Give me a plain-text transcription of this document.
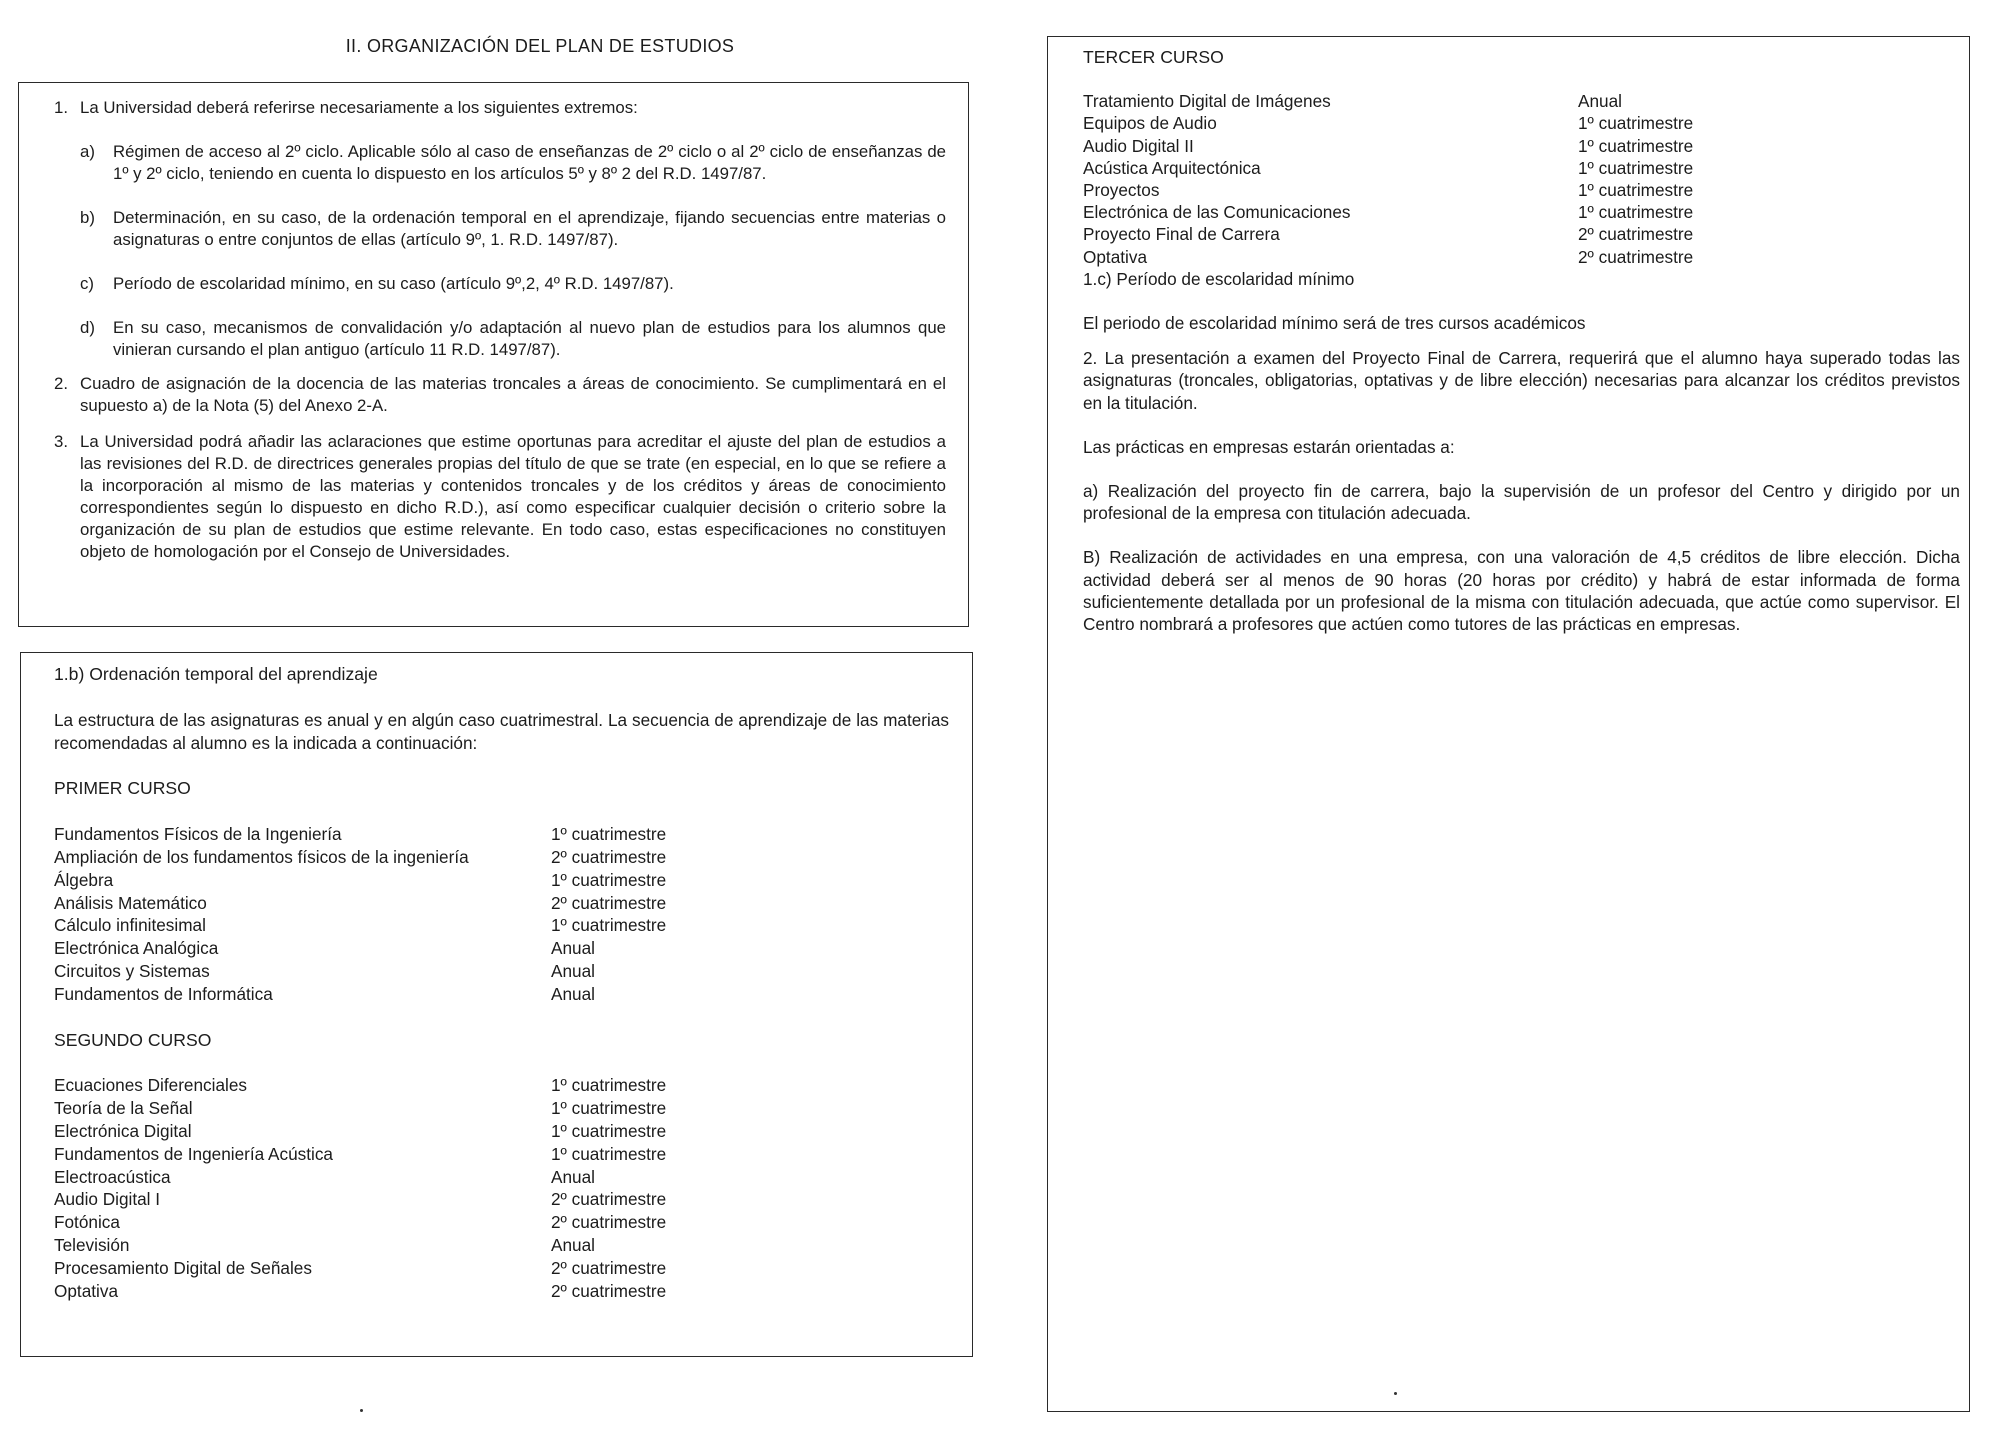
II. ORGANIZACIÓN DEL PLAN DE ESTUDIOS
1. La Universidad deberá referirse necesariamente a los siguientes extremos:
a) Régimen de acceso al 2º ciclo. Aplicable sólo al caso de enseñanzas de 2º ciclo o al 2º ciclo de enseñanzas de 1º y 2º ciclo, teniendo en cuenta lo dispuesto en los artículos 5º y 8º 2 del R.D. 1497/87.
b) Determinación, en su caso, de la ordenación temporal en el aprendizaje, fijando secuencias entre materias o asignaturas o entre conjuntos de ellas (artículo 9º, 1. R.D. 1497/87).
c) Período de escolaridad mínimo, en su caso (artículo 9º,2, 4º R.D. 1497/87).
d) En su caso, mecanismos de convalidación y/o adaptación al nuevo plan de estudios para los alumnos que vinieran cursando el plan antiguo (artículo 11 R.D. 1497/87).
2. Cuadro de asignación de la docencia de las materias troncales a áreas de conocimiento. Se cumplimentará en el supuesto a) de la Nota (5) del Anexo 2-A.
3. La Universidad podrá añadir las aclaraciones que estime oportunas para acreditar el ajuste del plan de estudios a las revisiones del R.D. de directrices generales propias del título de que se trate (en especial, en lo que se refiere a la incorporación al mismo de las materias y contenidos troncales y de los créditos y áreas de conocimiento correspondientes según lo dispuesto en dicho R.D.), así como especificar cualquier decisión o criterio sobre la organización de su plan de estudios que estime relevante. En todo caso, estas especificaciones no constituyen objeto de homologación por el Consejo de Universidades.
1.b) Ordenación temporal del aprendizaje
La estructura de las asignaturas es anual y en algún caso cuatrimestral. La secuencia de aprendizaje de las materias recomendadas al alumno es la indicada a continuación:
PRIMER CURSO
Fundamentos Físicos de la Ingeniería	1º cuatrimestre
Ampliación de los fundamentos físicos de la ingeniería	2º cuatrimestre
Álgebra	1º cuatrimestre
Análisis Matemático	2º cuatrimestre
Cálculo infinitesimal	1º cuatrimestre
Electrónica Analógica	Anual
Circuitos y Sistemas	Anual
Fundamentos de Informática	Anual
SEGUNDO CURSO
Ecuaciones Diferenciales	1º cuatrimestre
Teoría de la Señal	1º cuatrimestre
Electrónica Digital	1º cuatrimestre
Fundamentos de Ingeniería Acústica	1º cuatrimestre
Electroacústica	Anual
Audio Digital I	2º cuatrimestre
Fotónica	2º cuatrimestre
Televisión	Anual
Procesamiento Digital de Señales	2º cuatrimestre
Optativa	2º cuatrimestre
TERCER CURSO
Tratamiento Digital de Imágenes	Anual
Equipos de Audio	1º cuatrimestre
Audio Digital II	1º cuatrimestre
Acústica Arquitectónica	1º cuatrimestre
Proyectos	1º cuatrimestre
Electrónica de las Comunicaciones	1º cuatrimestre
Proyecto Final de Carrera	2º cuatrimestre
Optativa	2º cuatrimestre
1.c) Período de escolaridad mínimo
El periodo de escolaridad mínimo será de tres cursos académicos
2. La presentación a examen del Proyecto Final de Carrera, requerirá que el alumno haya superado todas las asignaturas (troncales, obligatorias, optativas y de libre elección) necesarias para alcanzar los créditos previstos en la titulación.
Las prácticas en empresas estarán orientadas a:
a) Realización del proyecto fin de carrera, bajo la supervisión de un profesor del Centro y dirigido por un profesional de la empresa con titulación adecuada.
B) Realización de actividades en una empresa, con una valoración de 4,5 créditos de libre elección. Dicha actividad deberá ser al menos de 90 horas (20 horas por crédito) y habrá de estar informada de forma suficientemente detallada por un profesional de la misma con titulación adecuada, que actúe como supervisor. El Centro nombrará a profesores que actúen como tutores de las prácticas en empresas.
